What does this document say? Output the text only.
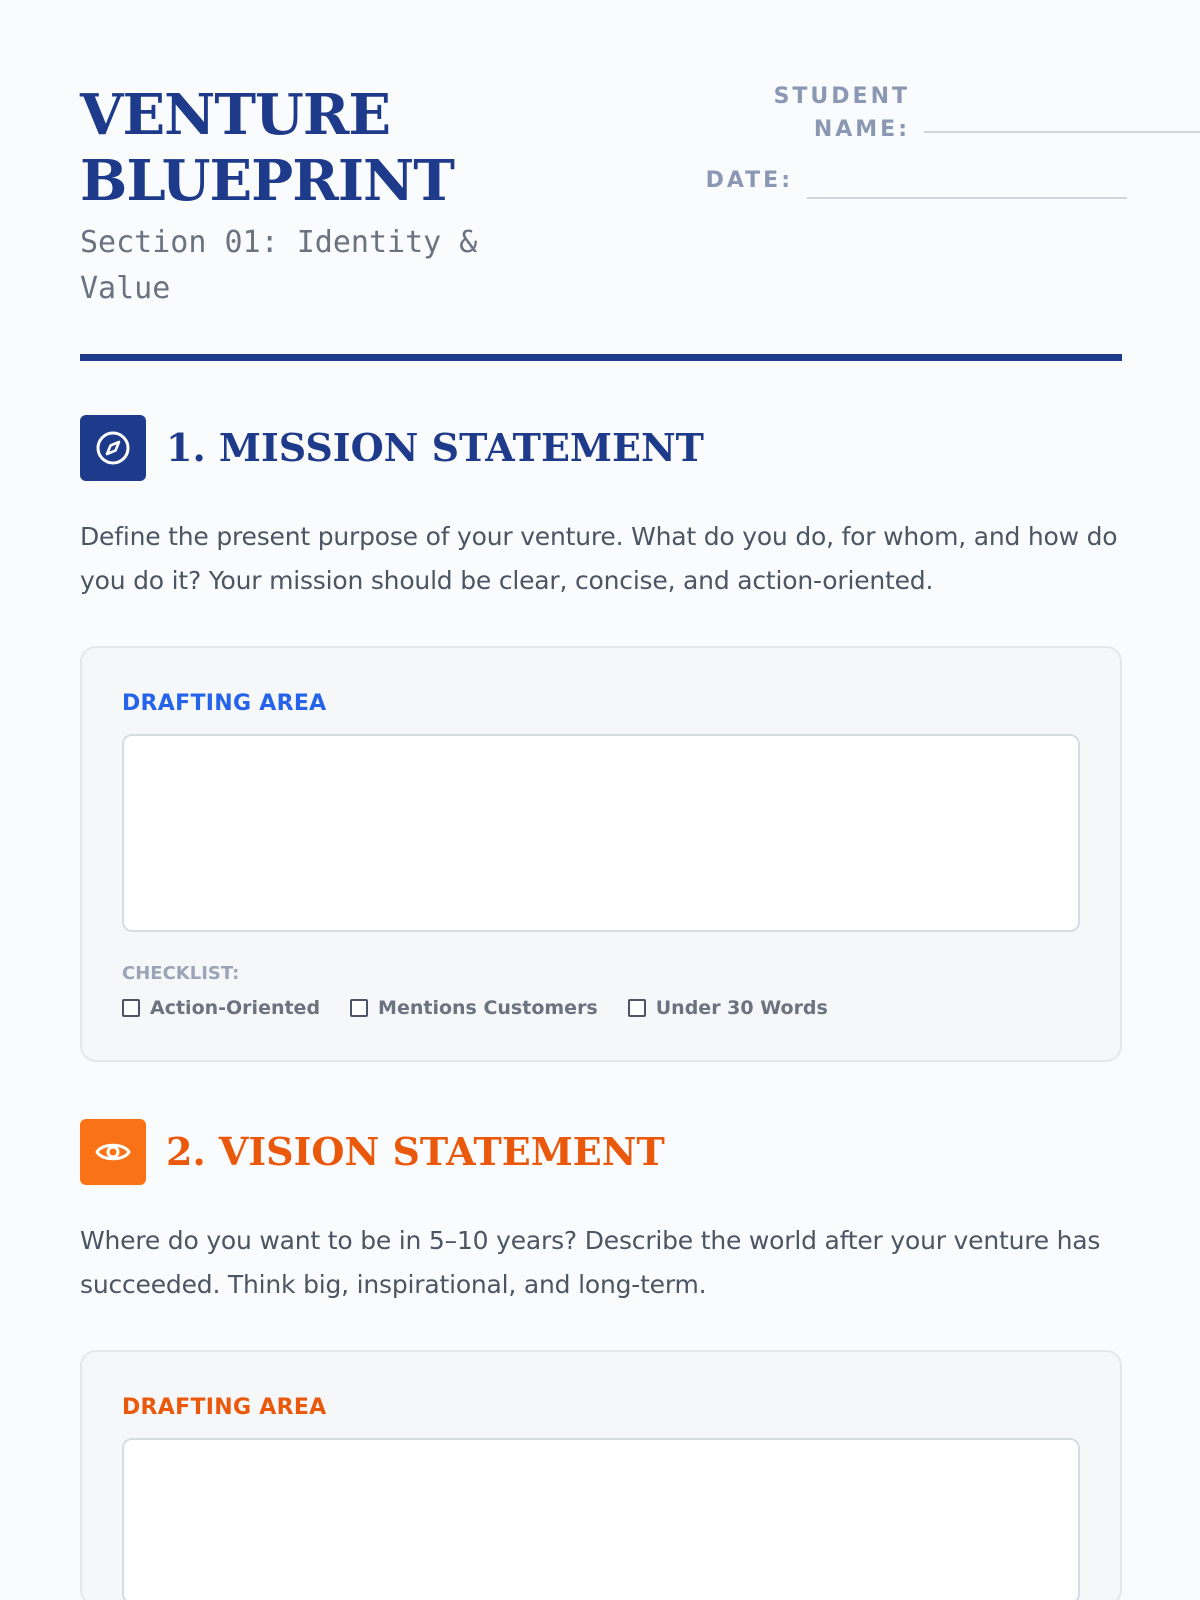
VENTURE BLUEPRINT
Section 01: Identity & Value
STUDENT NAME:
DATE:
1. MISSION STATEMENT

Define the present purpose of your venture. What do you do, for whom, and how do you do it? Your mission should be clear, concise, and action-oriented.

DRAFTING AREA
CHECKLIST:
Action-Oriented	Mentions Customers	Under 30 Words
2. VISION STATEMENT

Where do you want to be in 5–10 years? Describe the world after your venture has succeeded. Think big, inspirational, and long-term.

DRAFTING AREA
